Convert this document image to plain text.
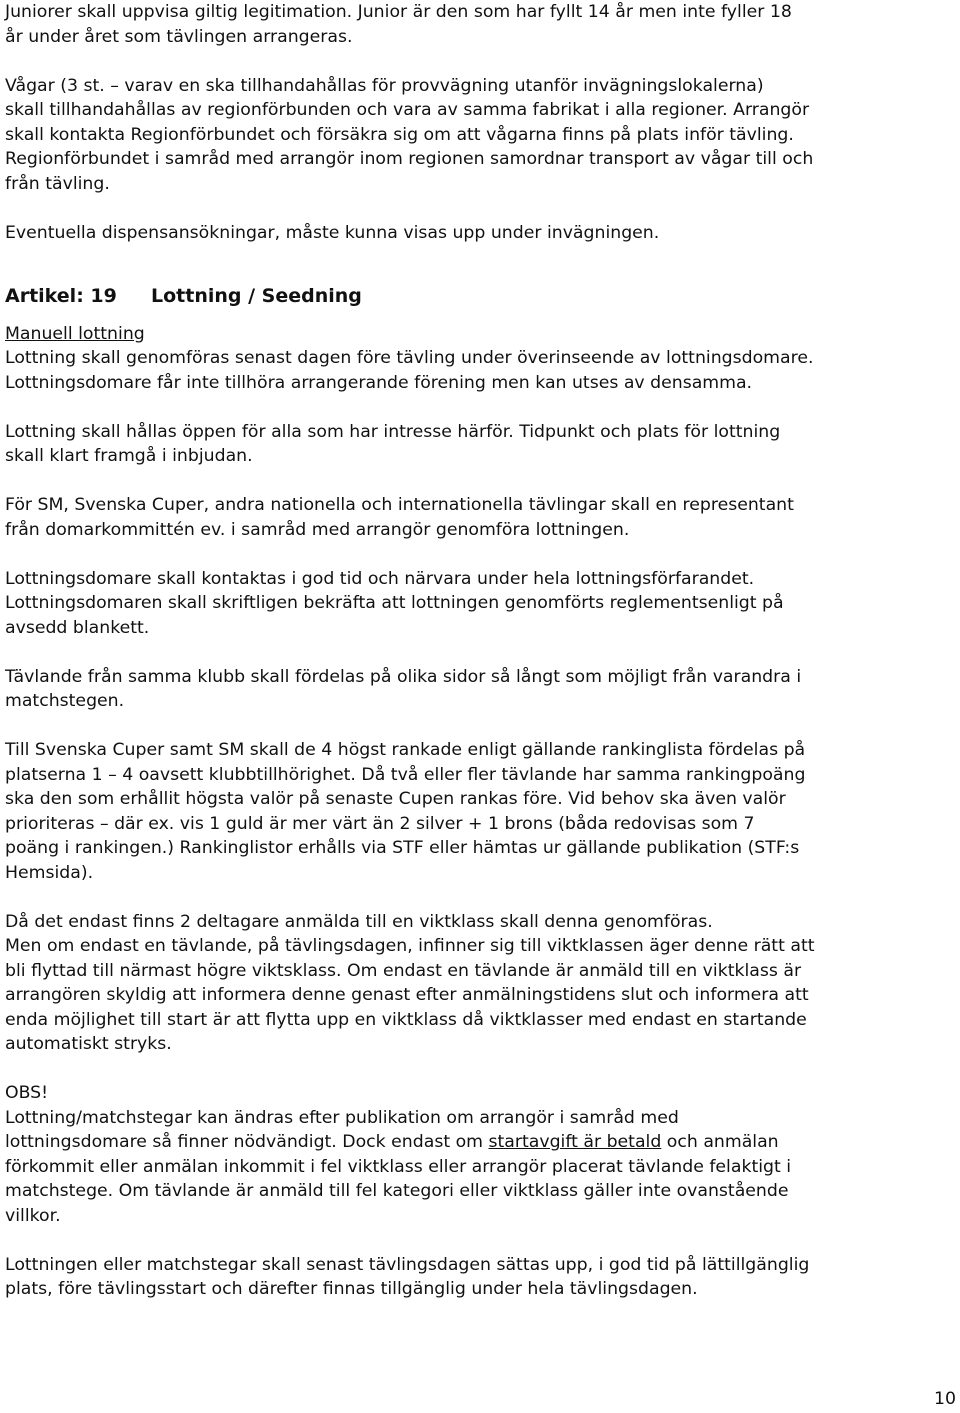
Juniorer skall uppvisa giltig legitimation. Junior är den som har fyllt 14 år men inte fyller 18

år under året som tävlingen arrangeras.

Vågar (3 st. – varav en ska tillhandahållas för provvägning utanför invägningslokalerna)

skall tillhandahållas av regionförbunden och vara av samma fabrikat i alla regioner. Arrangör

skall kontakta Regionförbundet och försäkra sig om att vågarna finns på plats inför tävling.

Regionförbundet i samråd med arrangör inom regionen samordnar transport av vågar till och

från tävling.

Eventuella dispensansökningar, måste kunna visas upp under invägningen.

Artikel: 19 Lottning / Seedning

Manuell lottning

Lottning skall genomföras senast dagen före tävling under överinseende av lottningsdomare.

Lottningsdomare får inte tillhöra arrangerande förening men kan utses av densamma.

Lottning skall hållas öppen för alla som har intresse härför. Tidpunkt och plats för lottning

skall klart framgå i inbjudan.

För SM, Svenska Cuper, andra nationella och internationella tävlingar skall en representant

från domarkommittén ev. i samråd med arrangör genomföra lottningen.

Lottningsdomare skall kontaktas i god tid och närvara under hela lottningsförfarandet.

Lottningsdomaren skall skriftligen bekräfta att lottningen genomförts reglementsenligt på

avsedd blankett.

Tävlande från samma klubb skall fördelas på olika sidor så långt som möjligt från varandra i

matchstegen.

Till Svenska Cuper samt SM skall de 4 högst rankade enligt gällande rankinglista fördelas på

platserna 1 – 4 oavsett klubbtillhörighet. Då två eller fler tävlande har samma rankingpoäng

ska den som erhållit högsta valör på senaste Cupen rankas före. Vid behov ska även valör

prioriteras – där ex. vis 1 guld är mer värt än 2 silver + 1 brons (båda redovisas som 7

poäng i rankingen.) Rankinglistor erhålls via STF eller hämtas ur gällande publikation (STF:s

Hemsida).

Då det endast finns 2 deltagare anmälda till en viktklass skall denna genomföras.

Men om endast en tävlande, på tävlingsdagen, infinner sig till viktklassen äger denne rätt att

bli flyttad till närmast högre viktsklass. Om endast en tävlande är anmäld till en viktklass är

arrangören skyldig att informera denne genast efter anmälningstidens slut och informera att

enda möjlighet till start är att flytta upp en viktklass då viktklasser med endast en startande

automatiskt stryks.

OBS!

Lottning/matchstegar kan ändras efter publikation om arrangör i samråd med

lottningsdomare så finner nödvändigt. Dock endast om startavgift är betald och anmälan

förkommit eller anmälan inkommit i fel viktklass eller arrangör placerat tävlande felaktigt i

matchstege. Om tävlande är anmäld till fel kategori eller viktklass gäller inte ovanstående

villkor.

Lottningen eller matchstegar skall senast tävlingsdagen sättas upp, i god tid på lättillgänglig

plats, före tävlingsstart och därefter finnas tillgänglig under hela tävlingsdagen.

10
